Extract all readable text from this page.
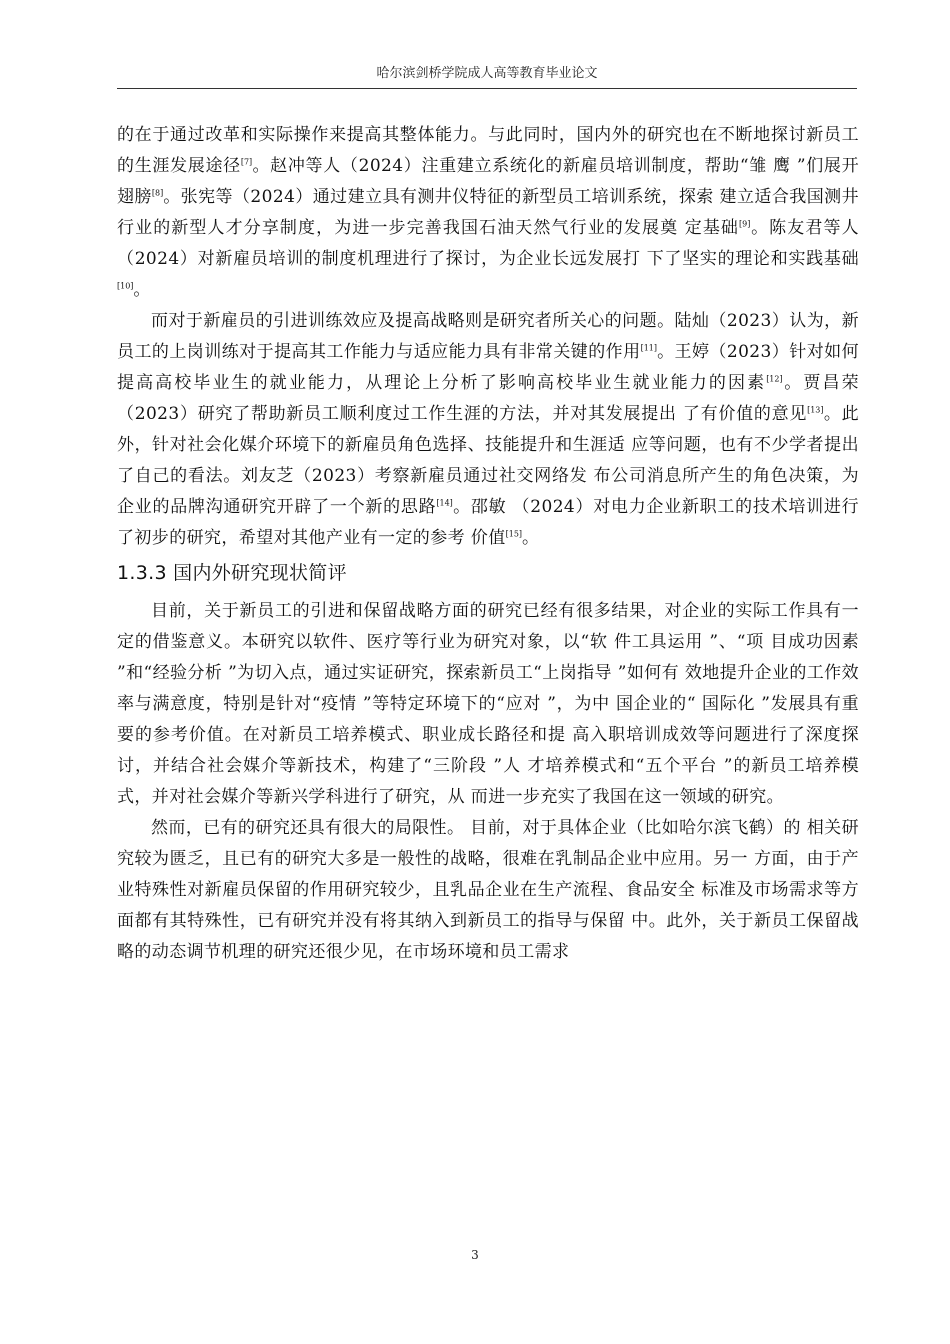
哈尔滨剑桥学院成人高等教育毕业论文

的在于通过改革和实际操作来提高其整体能力。与此同时，国内外的研究也在不断地探讨新员工的生涯发展途径[7]。赵冲等人（2024）注重建立系统化的新雇员培训制度，帮助“雏 鹰 ”们展开翅膀[8]。张宪等（2024）通过建立具有测井仪特征的新型员工培训系统，探索 建立适合我国测井行业的新型人才分享制度，为进一步完善我国石油天然气行业的发展奠 定基础[9]。陈友君等人（2024）对新雇员培训的制度机理进行了探讨，为企业长远发展打 下了坚实的理论和实践基础[10]。

而对于新雇员的引进训练效应及提高战略则是研究者所关心的问题。陆灿（2023）认为，新员工的上岗训练对于提高其工作能力与适应能力具有非常关键的作用[11]。王婷（2023）针对如何提高高校毕业生的就业能力，从理论上分析了影响高校毕业生就业能力的因素[12]。贾昌荣（2023）研究了帮助新员工顺利度过工作生涯的方法，并对其发展提出 了有价值的意见[13]。此外，针对社会化媒介环境下的新雇员角色选择、技能提升和生涯适 应等问题，也有不少学者提出了自己的看法。刘友芝（2023）考察新雇员通过社交网络发 布公司消息所产生的角色决策，为企业的品牌沟通研究开辟了一个新的思路[14]。邵敏 （2024）对电力企业新职工的技术培训进行了初步的研究，希望对其他产业有一定的参考 价值[15]。

1.3.3 国内外研究现状简评

目前，关于新员工的引进和保留战略方面的研究已经有很多结果，对企业的实际工作具有一定的借鉴意义。本研究以软件、医疗等行业为研究对象，以“软 件工具运用 ”、“项 目成功因素 ”和“经验分析 ”为切入点，通过实证研究，探索新员工“上岗指导 ”如何有 效地提升企业的工作效率与满意度，特别是针对“疫情 ”等特定环境下的“应对 ”，为中 国企业的“ 国际化 ”发展具有重要的参考价值。在对新员工培养模式、职业成长路径和提 高入职培训成效等问题进行了深度探讨，并结合社会媒介等新技术，构建了“三阶段 ”人 才培养模式和“五个平台 ”的新员工培养模式，并对社会媒介等新兴学科进行了研究，从 而进一步充实了我国在这一领域的研究。

然而，已有的研究还具有很大的局限性。 目前，对于具体企业（比如哈尔滨飞鹤）的 相关研究较为匮乏，且已有的研究大多是一般性的战略，很难在乳制品企业中应用。另一 方面，由于产业特殊性对新雇员保留的作用研究较少，且乳品企业在生产流程、食品安全 标准及市场需求等方面都有其特殊性，已有研究并没有将其纳入到新员工的指导与保留 中。此外，关于新员工保留战略的动态调节机理的研究还很少见，在市场环境和员工需求

3
